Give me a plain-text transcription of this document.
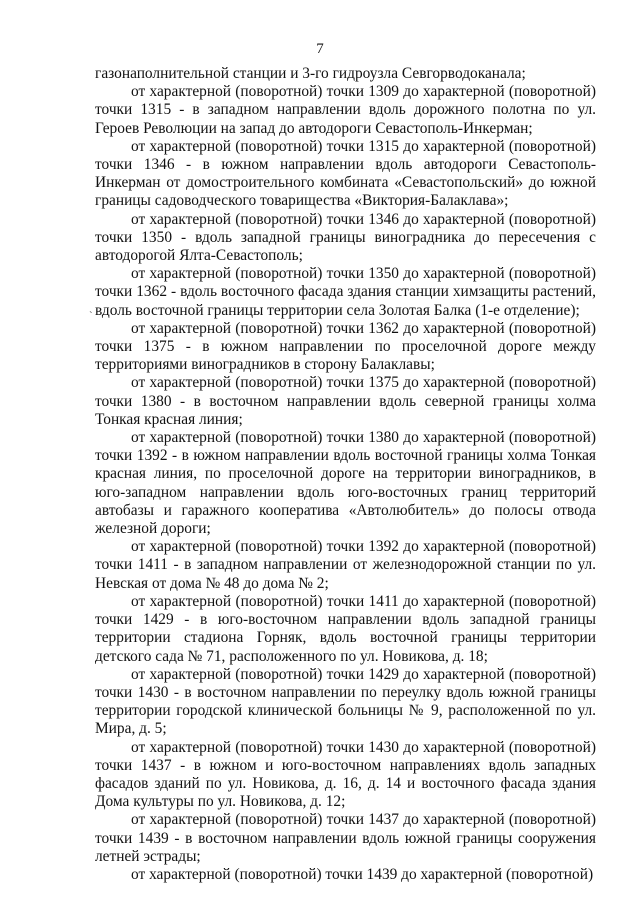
7
`

газонаполнительной станции и 3-го гидроузла Севгорводоканала;

от характерной (поворотной) точки 1309 до характерной (поворотной) точки 1315 - в западном направлении вдоль дорожного полотна по ул. Героев Революции на запад до автодороги Севастополь-Инкерман;

от характерной (поворотной) точки 1315 до характерной (поворотной) точки 1346 - в южном направлении вдоль автодороги Севастополь-Инкерман от домостроительного комбината «Севастопольский» до южной границы садоводческого товарищества «Виктория-Балаклава»;

от характерной (поворотной) точки 1346 до характерной (поворотной) точки 1350 - вдоль западной границы виноградника до пересечения с автодорогой Ялта-Севастополь;

от характерной (поворотной) точки 1350 до характерной (поворотной) точки 1362 - вдоль восточного фасада здания станции химзащиты растений, вдоль восточной границы территории села Золотая Балка (1-е отделение);

от характерной (поворотной) точки 1362 до характерной (поворотной) точки 1375 - в южном направлении по проселочной дороге между территориями виноградников в сторону Балаклавы;

от характерной (поворотной) точки 1375 до характерной (поворотной) точки 1380 - в восточном направлении вдоль северной границы холма Тонкая красная линия;

от характерной (поворотной) точки 1380 до характерной (поворотной) точки 1392 - в южном направлении вдоль восточной границы холма Тонкая красная линия, по проселочной дороге на территории виноградников, в юго-западном направлении вдоль юго-восточных границ территорий автобазы и гаражного кооператива «Автолюбитель» до полосы отвода железной дороги;

от характерной (поворотной) точки 1392 до характерной (поворотной) точки 1411 - в западном направлении от железнодорожной станции по ул. Невская от дома № 48 до дома № 2;

от характерной (поворотной) точки 1411 до характерной (поворотной) точки 1429 - в юго-восточном направлении вдоль западной границы территории стадиона Горняк, вдоль восточной границы территории детского сада № 71, расположенного по ул. Новикова, д. 18;

от характерной (поворотной) точки 1429 до характерной (поворотной) точки 1430 - в восточном направлении по переулку вдоль южной границы территории городской клинической больницы № 9, расположенной по ул. Мира, д. 5;

от характерной (поворотной) точки 1430 до характерной (поворотной) точки 1437 - в южном и юго-восточном направлениях вдоль западных фасадов зданий по ул. Новикова, д. 16, д. 14 и восточного фасада здания Дома культуры по ул. Новикова, д. 12;

от характерной (поворотной) точки 1437 до характерной (поворотной) точки 1439 - в восточном направлении вдоль южной границы сооружения летней эстрады;

от характерной (поворотной) точки 1439 до характерной (поворотной)
